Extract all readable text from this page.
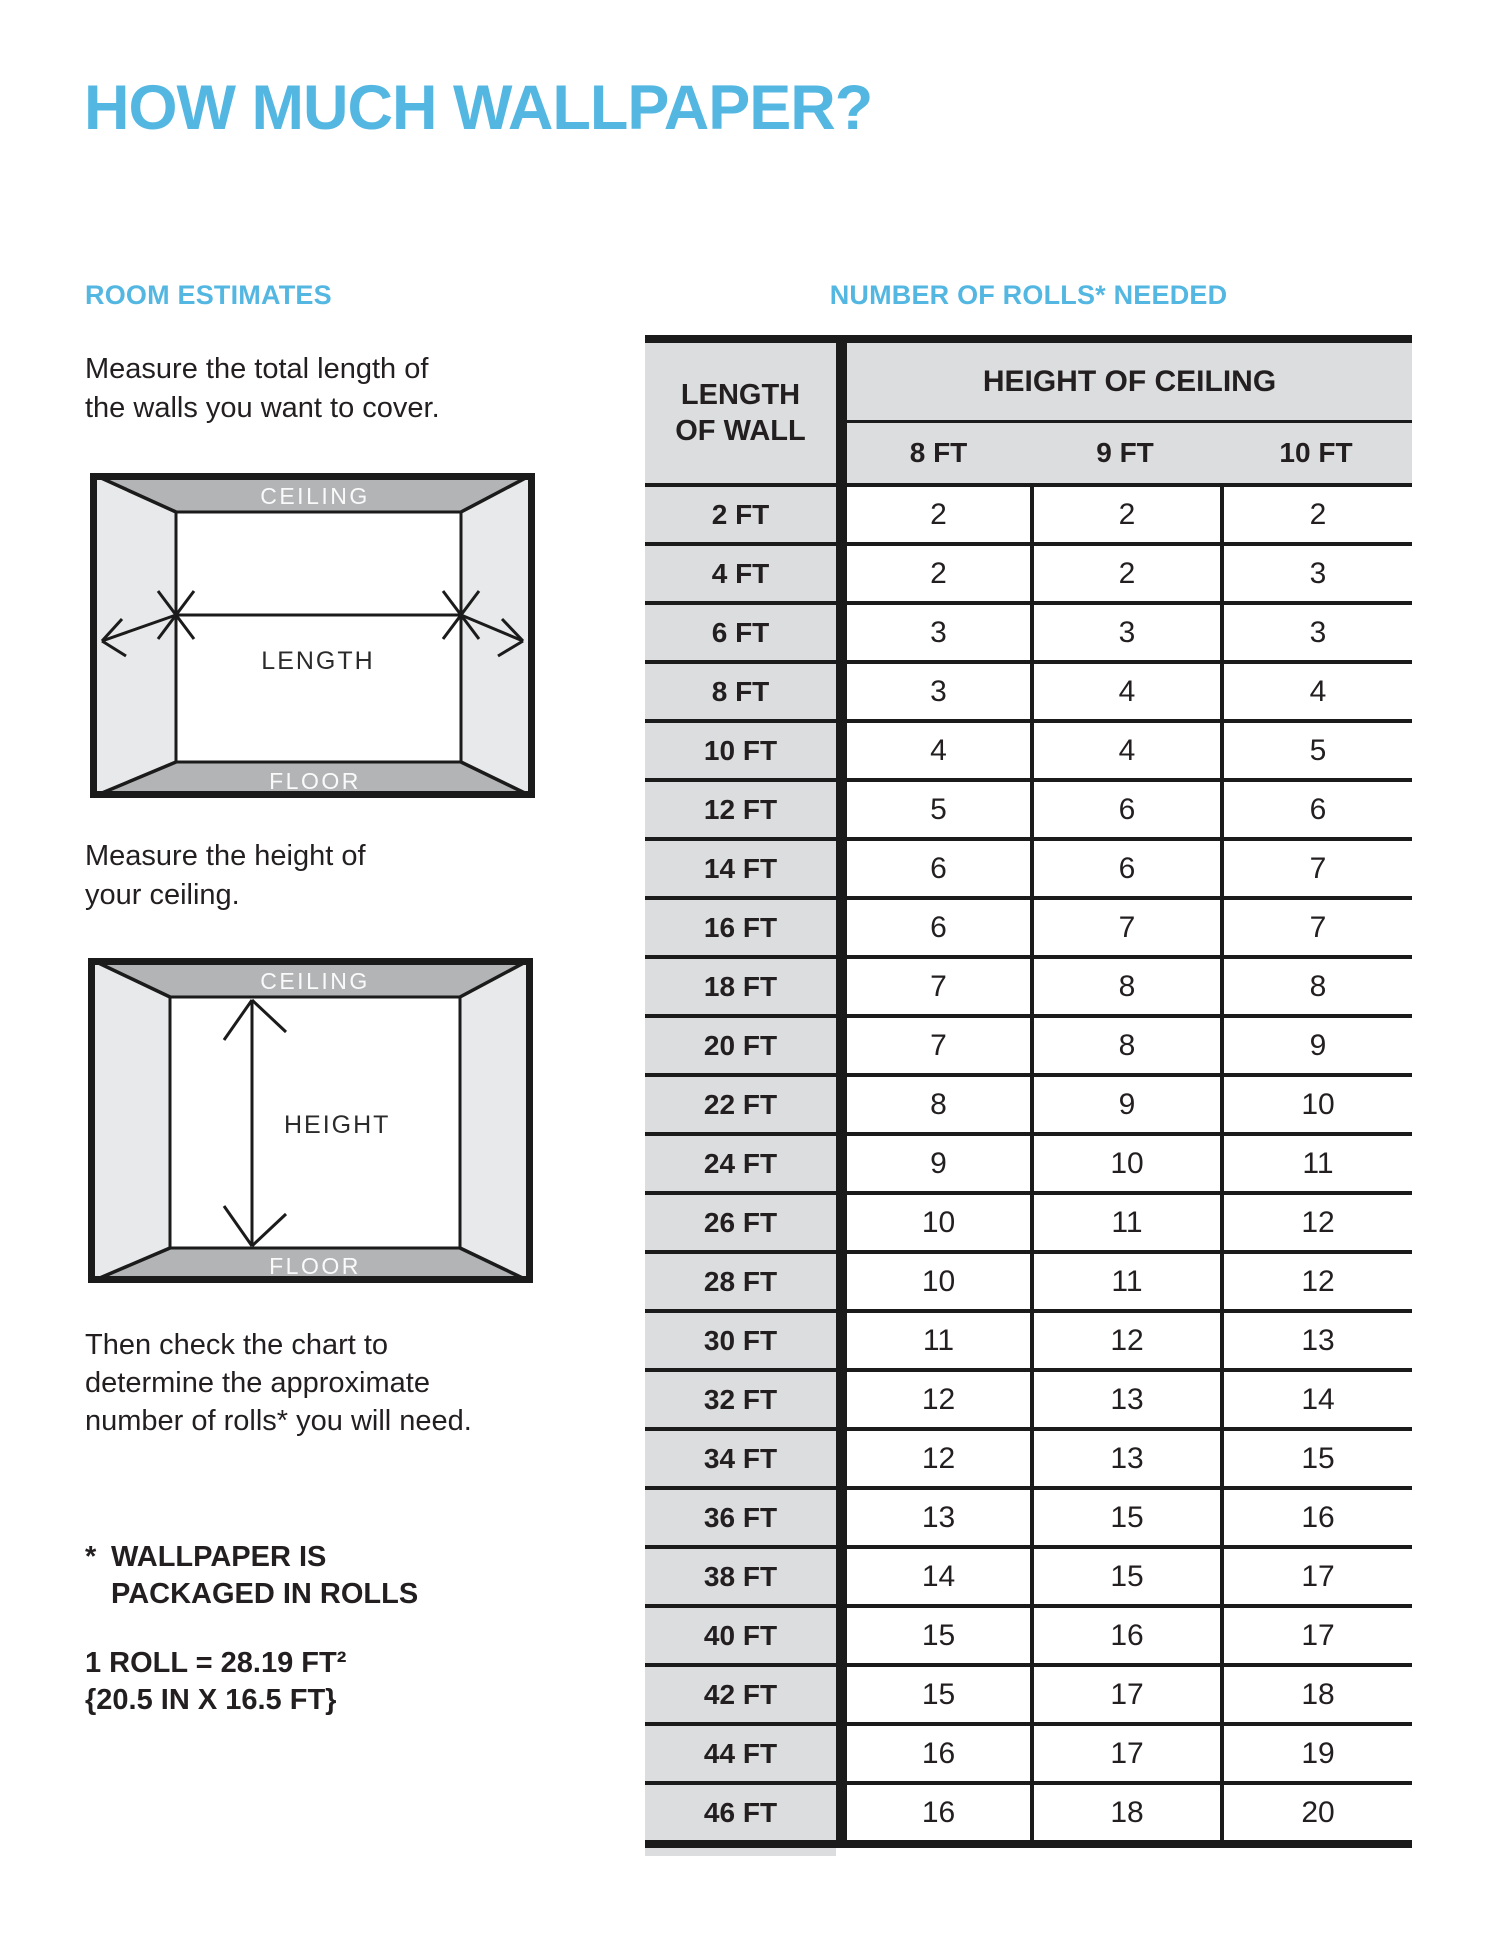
HOW MUCH WALLPAPER?
ROOM ESTIMATES
Measure the total length of
the walls you want to cover.
CEILING
FLOOR
LENGTH
Measure the height of
your ceiling.
CEILING
FLOOR
HEIGHT
Then check the chart to
determine the approximate
number of rolls* you will need.
* WALLPAPER IS
PACKAGED IN ROLLS
1 ROLL = 28.19 FT²
{20.5 IN X 16.5 FT}
NUMBER OF ROLLS* NEEDED
LENGTH
OF WALL
HEIGHT OF CEILING
8 FT	9 FT	10 FT
2 FT	2	2	2
4 FT	2	2	3
6 FT	3	3	3
8 FT	3	4	4
10 FT	4	4	5
12 FT	5	6	6
14 FT	6	6	7
16 FT	6	7	7
18 FT	7	8	8
20 FT	7	8	9
22 FT	8	9	10
24 FT	9	10	11
26 FT	10	11	12
28 FT	10	11	12
30 FT	11	12	13
32 FT	12	13	14
34 FT	12	13	15
36 FT	13	15	16
38 FT	14	15	17
40 FT	15	16	17
42 FT	15	17	18
44 FT	16	17	19
46 FT	16	18	20
